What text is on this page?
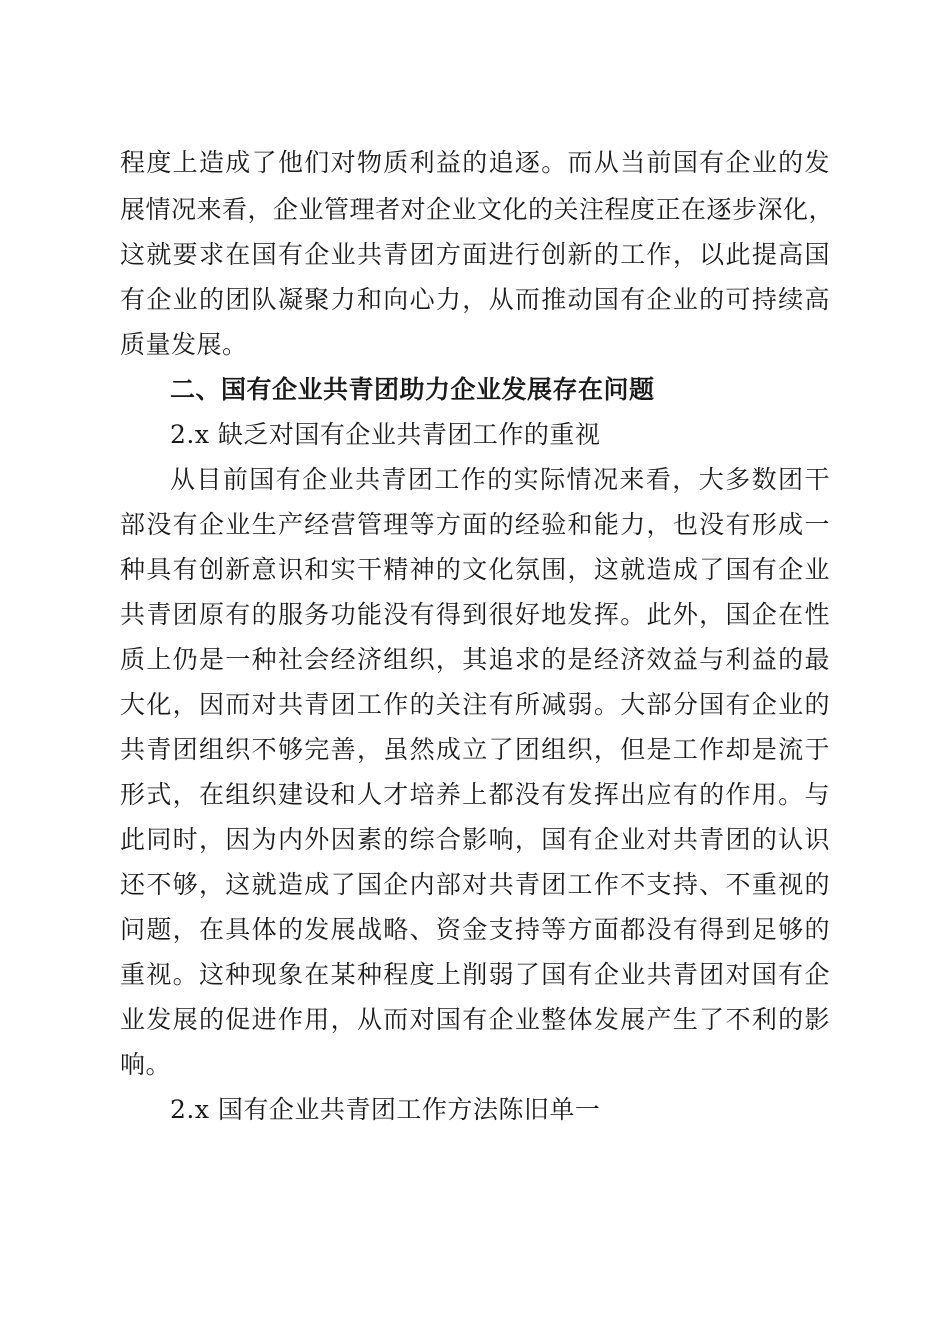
程度上造成了他们对物质利益的追逐。而从当前国有企业的发
展情况来看，企业管理者对企业文化的关注程度正在逐步深化，
这就要求在国有企业共青团方面进行创新的工作，以此提高国
有企业的团队凝聚力和向心力，从而推动国有企业的可持续高
质量发展。
二、国有企业共青团助力企业发展存在问题
2.x 缺乏对国有企业共青团工作的重视
从目前国有企业共青团工作的实际情况来看，大多数团干
部没有企业生产经营管理等方面的经验和能力，也没有形成一
种具有创新意识和实干精神的文化氛围，这就造成了国有企业
共青团原有的服务功能没有得到很好地发挥。此外，国企在性
质上仍是一种社会经济组织，其追求的是经济效益与利益的最
大化，因而对共青团工作的关注有所减弱。大部分国有企业的
共青团组织不够完善，虽然成立了团组织，但是工作却是流于
形式，在组织建设和人才培养上都没有发挥出应有的作用。与
此同时，因为内外因素的综合影响，国有企业对共青团的认识
还不够，这就造成了国企内部对共青团工作不支持、不重视的
问题，在具体的发展战略、资金支持等方面都没有得到足够的
重视。这种现象在某种程度上削弱了国有企业共青团对国有企
业发展的促进作用，从而对国有企业整体发展产生了不利的影
响。
2.x 国有企业共青团工作方法陈旧单一
